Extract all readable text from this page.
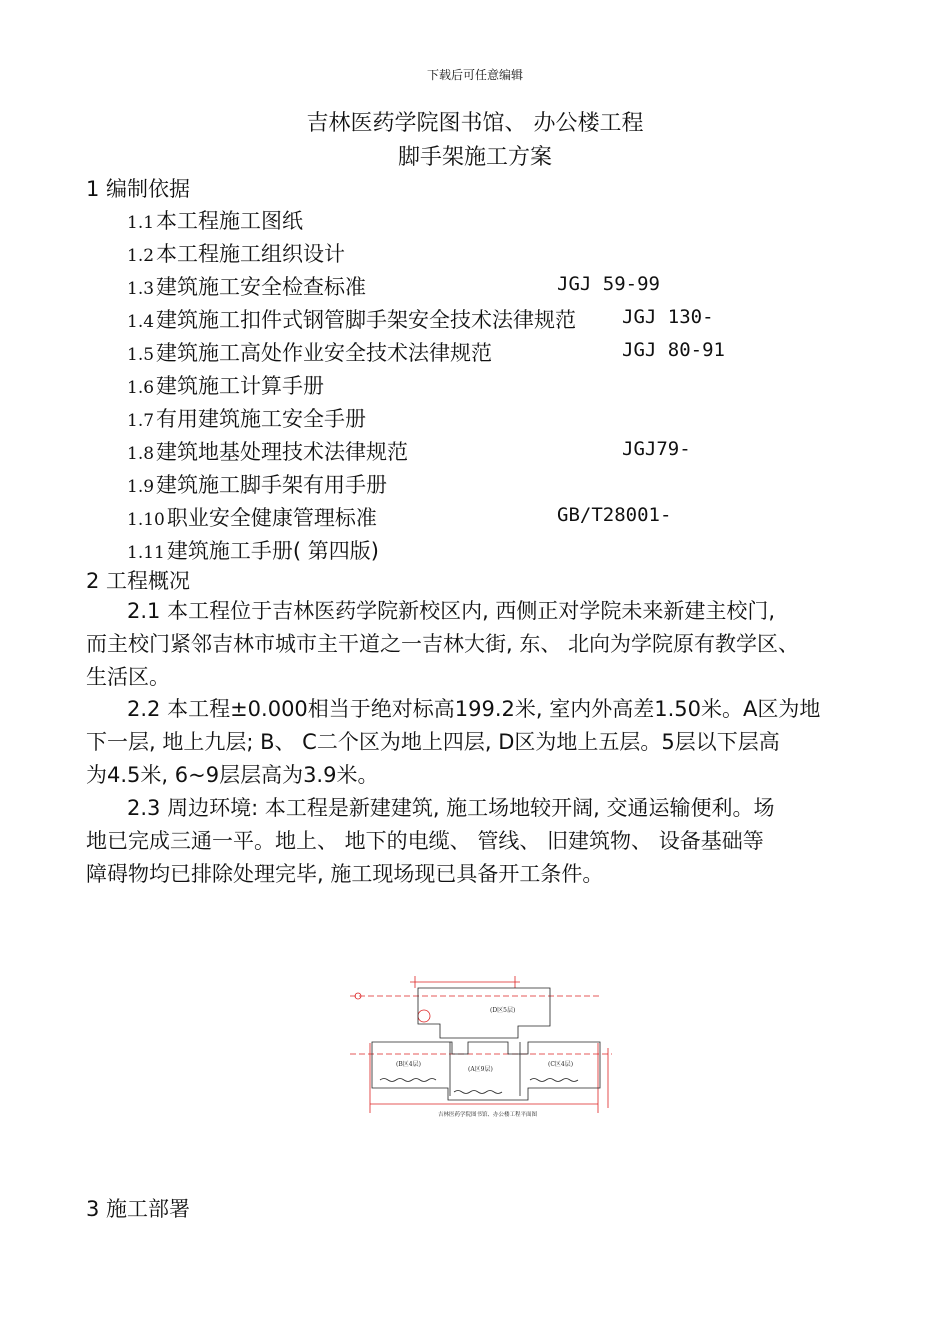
下载后可任意编辑
吉林医药学院图书馆、 办公楼工程
脚手架施工方案
1 编制依据
1.1本工程施工图纸
1.2本工程施工组织设计
1.3建筑施工安全检查标准	JGJ 59-99
1.4建筑施工扣件式钢管脚手架安全技术法律规范 JGJ 130-
1.5建筑施工高处作业安全技术法律规范	JGJ 80-91
1.6建筑施工计算手册
1.7有用建筑施工安全手册
1.8建筑地基处理技术法律规范	JGJ79-
1.9建筑施工脚手架有用手册
1.10职业安全健康管理标准	GB/T28001-
1.11建筑施工手册( 第四版)
2 工程概况
2.1 本工程位于吉林医药学院新校区内, 西侧正对学院未来新建主校门,
而主校门紧邻吉林市城市主干道之一吉林大街, 东、 北向为学院原有教学区、
生活区。
2.2 本工程±0.000相当于绝对标高199.2米, 室内外高差1.50米。A区为地
下一层, 地上九层; B、 C二个区为地上四层, D区为地上五层。5层以下层高
为4.5米, 6~9层层高为3.9米。
2.3 周边环境: 本工程是新建建筑, 施工场地较开阔, 交通运输便利。场
地已完成三通一平。地上、 地下的电缆、 管线、 旧建筑物、 设备基础等
障碍物均已排除处理完毕, 施工现场现已具备开工条件。
(D区5层)
(B区4层)
(A区9层)
(C区4层)
吉林医药学院图书馆、办公楼工程平面图
3 施工部署
